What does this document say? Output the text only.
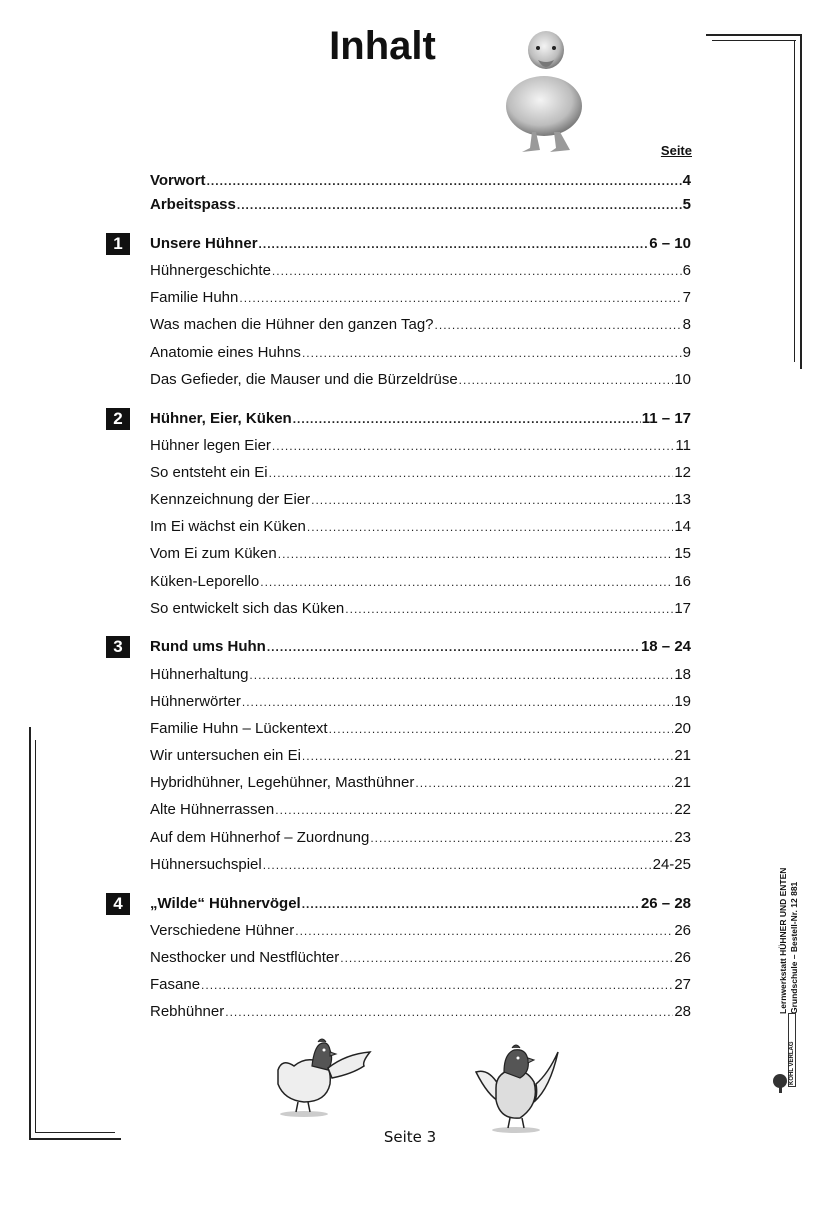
Inhalt
Seite
Vorwort .....	4
Arbeitspass .....	5
1	Unsere Hühner .....	6 – 10
Hühnergeschichte .....	6
Familie Huhn .....	7
Was machen die Hühner den ganzen Tag? .....	8
Anatomie eines Huhns .....	9
Das Gefieder, die Mauser und die Bürzeldrüse .....	10
2	Hühner, Eier, Küken .....	11 – 17
Hühner legen Eier .....	11
So entsteht ein Ei .....	12
Kennzeichnung der Eier .....	13
Im Ei wächst ein Küken .....	14
Vom Ei zum Küken .....	15
Küken-Leporello .....	16
So entwickelt sich das Küken .....	17
3	Rund ums Huhn .....	18 – 24
Hühnerhaltung .....	18
Hühnerwörter .....	19
Familie Huhn – Lückentext .....	20
Wir untersuchen ein Ei .....	21
Hybridhühner, Legehühner, Masthühner .....	21
Alte Hühnerrassen .....	22
Auf dem Hühnerhof – Zuordnung .....	23
Hühnersuchspiel .....	24-25
4	„Wilde“ Hühnervögel .....	26 – 28
Verschiedene Hühner .....	26
Nesthocker und Nestflüchter .....	26
Fasane .....	27
Rebhühner .....	28	Lernwerkstatt HÜHNER UND ENTEN Grundschule – Bestell-Nr. 12 881
KOHL VERLAG
Seite 3
